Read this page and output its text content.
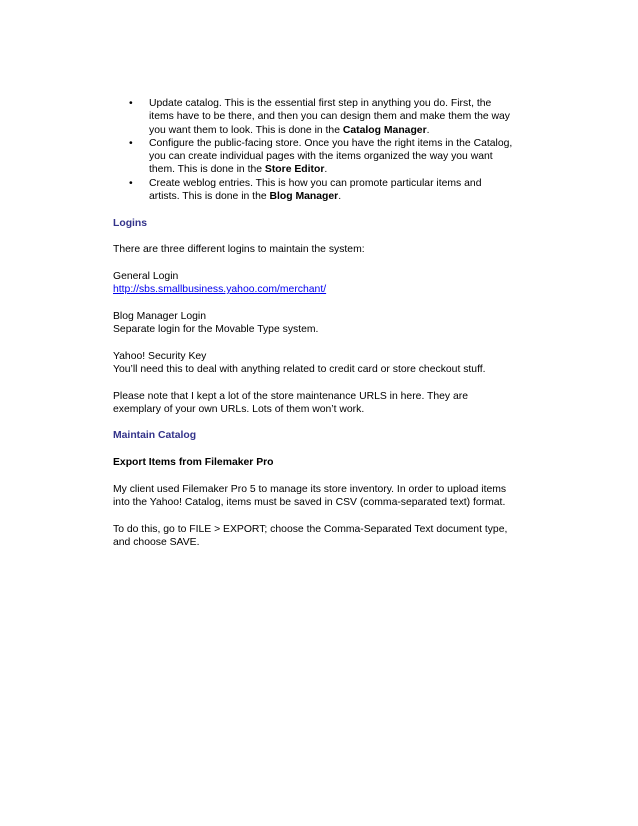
• Update catalog. This is the essential first step in anything you do. First, the items have to be there, and then you can design them and make them the way you want them to look. This is done in the Catalog Manager.
• Configure the public-facing store. Once you have the right items in the Catalog, you can create individual pages with the items organized the way you want them. This is done in the Store Editor.
• Create weblog entries. This is how you can promote particular items and artists. This is done in the Blog Manager.

Logins

There are three different logins to maintain the system:

General Login

http://sbs.smallbusiness.yahoo.com/merchant/

Blog Manager Login

Separate login for the Movable Type system.

Yahoo! Security Key

You’ll need this to deal with anything related to credit card or store checkout stuff.

Please note that I kept a lot of the store maintenance URLS in here. They are exemplary of your own URLs. Lots of them won’t work.

Maintain Catalog

Export Items from Filemaker Pro

My client used Filemaker Pro 5 to manage its store inventory. In order to upload items into the Yahoo! Catalog, items must be saved in CSV (comma-separated text) format.

To do this, go to FILE > EXPORT; choose the Comma-Separated Text document type, and choose SAVE.
